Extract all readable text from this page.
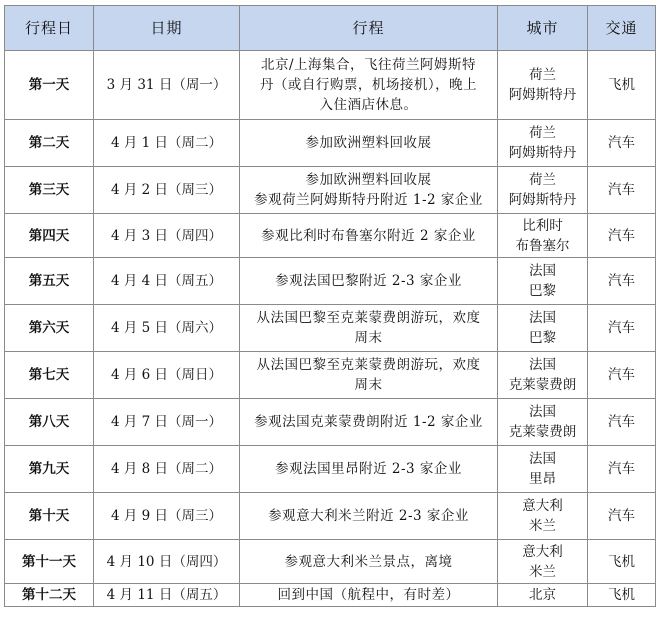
行程日	日期	行程	城市	交通
第一天	3 月 31 日（周一）	北京/上海集合，飞往荷兰阿姆斯特
丹（或自行购票，机场接机），晚上
入住酒店休息。	荷兰
阿姆斯特丹	飞机
第二天	4 月 1 日（周二）	参加欧洲塑料回收展	荷兰
阿姆斯特丹	汽车
第三天	4 月 2 日（周三）	参加欧洲塑料回收展
参观荷兰阿姆斯特丹附近 1-2 家企业	荷兰
阿姆斯特丹	汽车
第四天	4 月 3 日（周四）	参观比利时布鲁塞尔附近 2 家企业	比利时
布鲁塞尔	汽车
第五天	4 月 4 日（周五）	参观法国巴黎附近 2-3 家企业	法国
巴黎	汽车
第六天	4 月 5 日（周六）	从法国巴黎至克莱蒙费朗游玩，欢度
周末	法国
巴黎	汽车
第七天	4 月 6 日（周日）	从法国巴黎至克莱蒙费朗游玩，欢度
周末	法国
克莱蒙费朗	汽车
第八天	4 月 7 日（周一）	参观法国克莱蒙费朗附近 1-2 家企业	法国
克莱蒙费朗	汽车
第九天	4 月 8 日（周二）	参观法国里昂附近 2-3 家企业	法国
里昂	汽车
第十天	4 月 9 日（周三）	参观意大利米兰附近 2-3 家企业	意大利
米兰	汽车
第十一天	4 月 10 日（周四）	参观意大利米兰景点，离境	意大利
米兰	飞机
第十二天	4 月 11 日（周五）	回到中国（航程中，有时差）	北京	飞机
